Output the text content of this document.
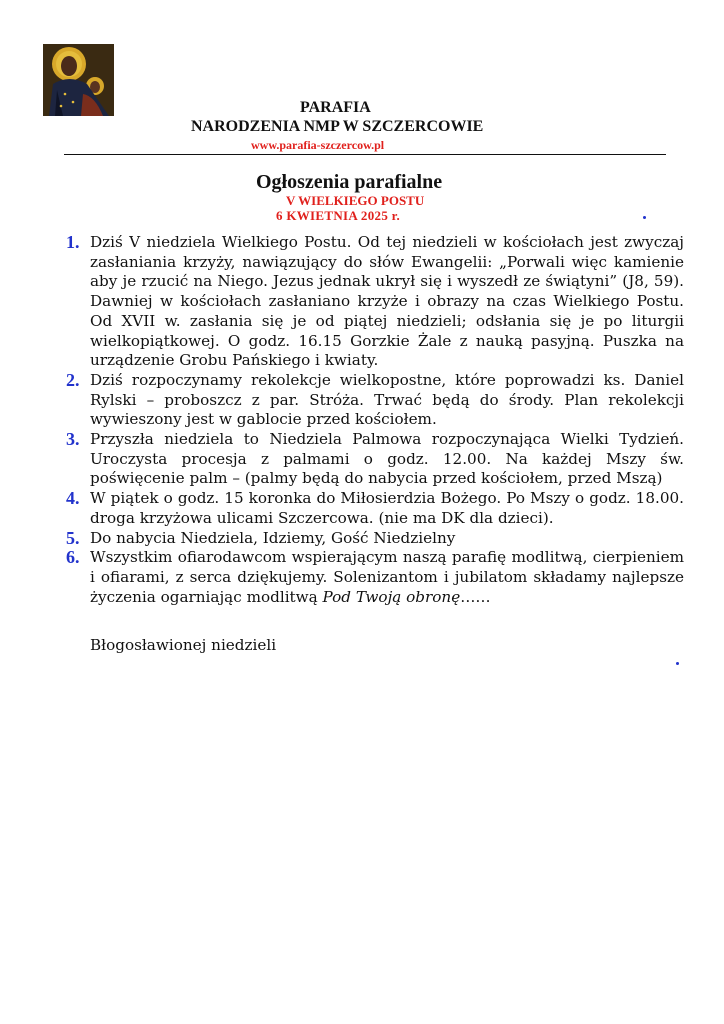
PARAFIA
NARODZENIA NMP W SZCZERCOWIE
www.parafia-szczercow.pl
Ogłoszenia parafialne
V WIELKIEGO POSTU
6 KWIETNIA 2025 r.
1. Dziś V niedziela Wielkiego Postu. Od tej niedzieli w kościołach jest zwyczaj zasłaniania krzyży, nawiązujący do słów Ewangelii: „Porwali więc kamienie aby je rzucić na Niego. Jezus jednak ukrył się i wyszedł ze świątyni” (J8, 59). Dawniej w kościołach zasłaniano krzyże i obrazy na czas Wielkiego Postu. Od XVII w. zasłania się je od piątej niedzieli; odsłania się je po liturgii wielkopiątkowej. O godz. 16.15 Gorzkie Żale z nauką pasyjną. Puszka na urządzenie Grobu Pańskiego i kwiaty.
2. Dziś rozpoczynamy rekolekcje wielkopostne, które poprowadzi ks. Daniel Rylski – proboszcz z par. Stróża. Trwać będą do środy. Plan rekolekcji wywieszony jest w gablocie przed kościołem.
3. Przyszła niedziela to Niedziela Palmowa rozpoczynająca Wielki Tydzień. Uroczysta procesja z palmami o godz. 12.00. Na każdej Mszy św. poświęcenie palm – (palmy będą do nabycia przed kościołem, przed Mszą)
4. W piątek o godz. 15 koronka do Miłosierdzia Bożego. Po Mszy o godz. 18.00. droga krzyżowa ulicami Szczercowa. (nie ma DK dla dzieci).
5. Do nabycia Niedziela, Idziemy, Gość Niedzielny
6. Wszystkim ofiarodawcom wspierającym naszą parafię modlitwą, cierpieniem i ofiarami, z serca dziękujemy. Solenizantom i jubilatom składamy najlepsze życzenia ogarniając modlitwą Pod Twoją obronę……
Błogosławionej niedzieli
